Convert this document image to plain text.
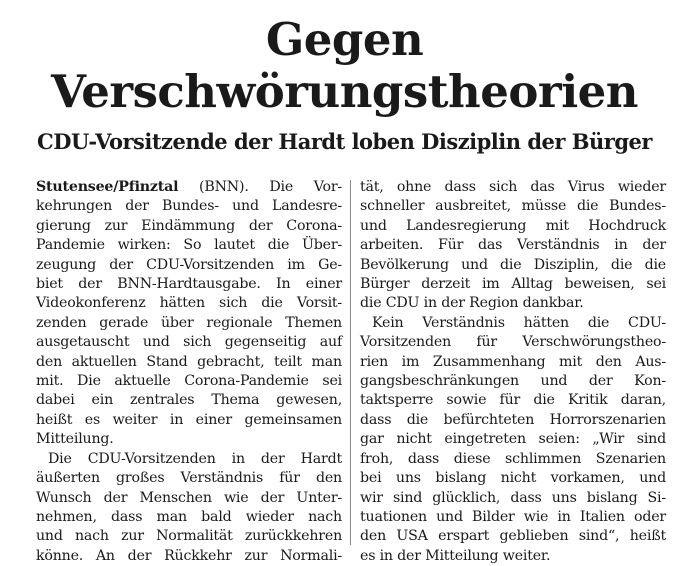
Gegen
Verschwörungstheorien
CDU-Vorsitzende der Hardt loben Disziplin der Bürger
Stutensee/Pfinztal (BNN). Die Vor-
kehrungen der Bundes- und Landesre-
gierung zur Eindämmung der Corona-
Pandemie wirken: So lautet die Über-
zeugung der CDU-Vorsitzenden im Ge-
biet der BNN-Hardtausgabe. In einer
Videokonferenz hätten sich die Vorsit-
zenden gerade über regionale Themen
ausgetauscht und sich gegenseitig auf
den aktuellen Stand gebracht, teilt man
mit. Die aktuelle Corona-Pandemie sei
dabei ein zentrales Thema gewesen,
heißt es weiter in einer gemeinsamen
Mitteilung.
Die CDU-Vorsitzenden in der Hardt
äußerten großes Verständnis für den
Wunsch der Menschen wie der Unter-
nehmen, dass man bald wieder nach
und nach zur Normalität zurückkehren
könne. An der Rückkehr zur Normali-
tät, ohne dass sich das Virus wieder
schneller ausbreitet, müsse die Bundes-
und Landesregierung mit Hochdruck
arbeiten. Für das Verständnis in der
Bevölkerung und die Disziplin, die die
Bürger derzeit im Alltag beweisen, sei
die CDU in der Region dankbar.
Kein Verständnis hätten die CDU-
Vorsitzenden für Verschwörungstheo-
rien im Zusammenhang mit den Aus-
gangsbeschränkungen und der Kon-
taktsperre sowie für die Kritik daran,
dass die befürchteten Horrorszenarien
gar nicht eingetreten seien: „Wir sind
froh, dass diese schlimmen Szenarien
bei uns bislang nicht vorkamen, und
wir sind glücklich, dass uns bislang Si-
tuationen und Bilder wie in Italien oder
den USA erspart geblieben sind“, heißt
es in der Mitteilung weiter.
